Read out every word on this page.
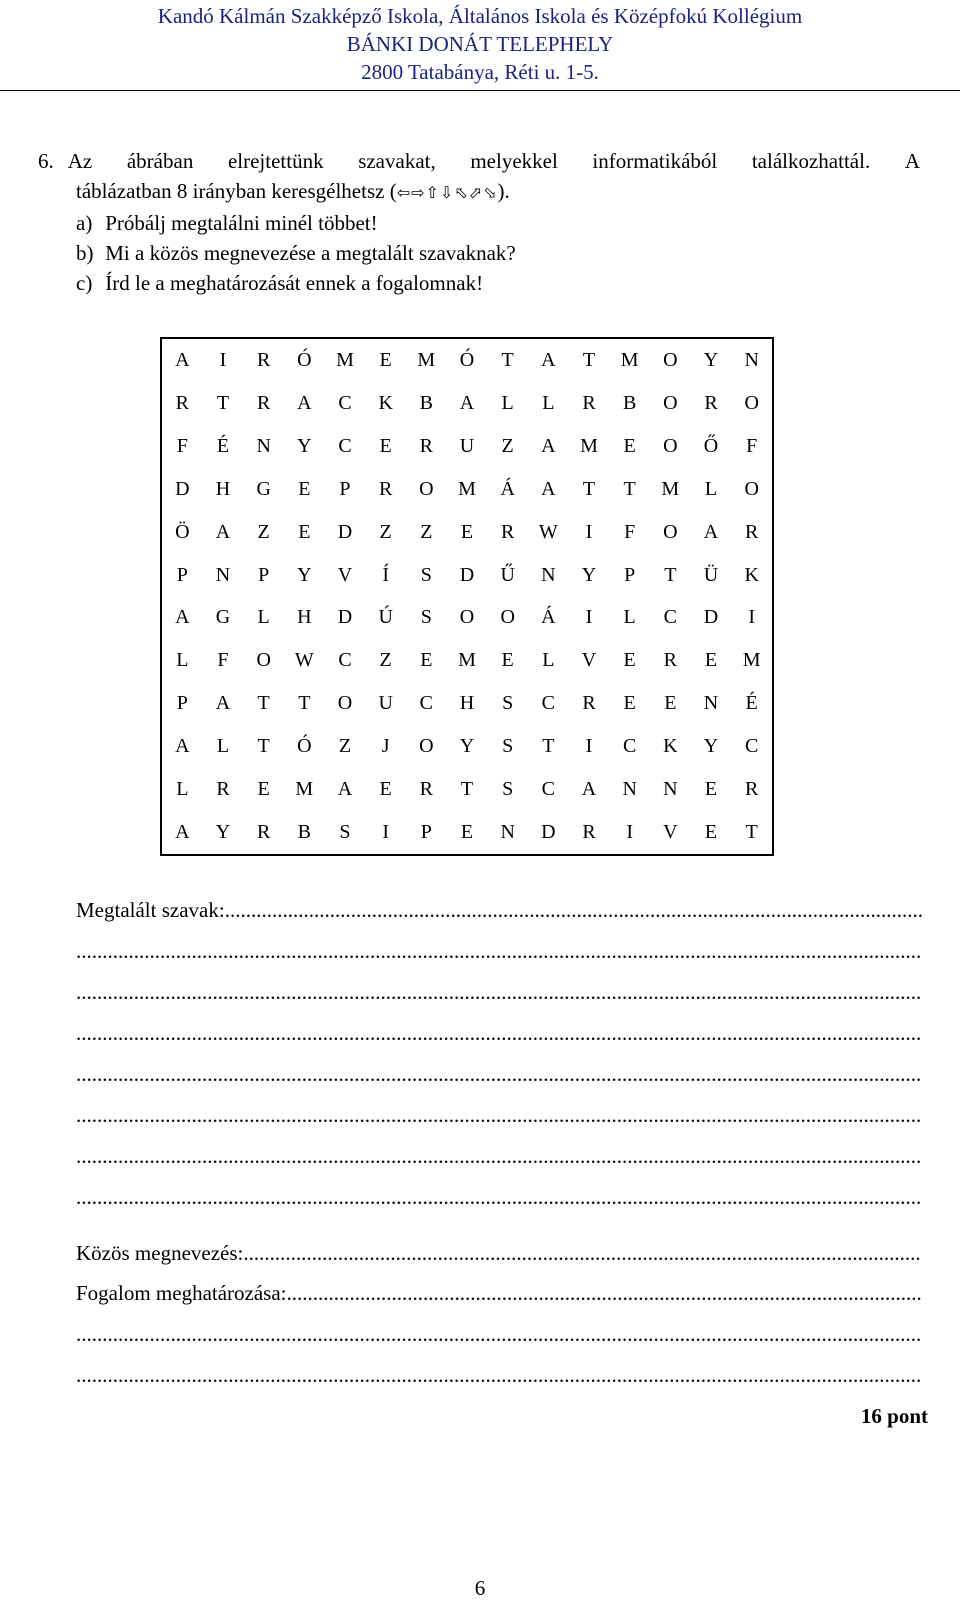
Kandó Kálmán Szakképző Iskola, Általános Iskola és Középfokú Kollégium
BÁNKI DONÁT TELEPHELY
2800 Tatabánya, Réti u. 1-5.
6. Az ábrában elrejtettünk szavakat, melyekkel informatikából találkozhattál. A
táblázatban 8 irányban keresgélhetsz (⇦⇨⇧⇩⬁⬀⬂).
a) Próbálj megtalálni minél többet!
b) Mi a közös megnevezése a megtalált szavaknak?
c) Írd le a meghatározását ennek a fogalomnak!
A	I	R	Ó	M	E	M	Ó	T	A	T	M	O	Y	N
R	T	R	A	C	K	B	A	L	L	R	B	O	R	O
F	É	N	Y	C	E	R	U	Z	A	M	E	O	Ő	F
D	H	G	E	P	R	O	M	Á	A	T	T	M	L	O
Ö	A	Z	E	D	Z	Z	E	R	W	I	F	O	A	R
P	N	P	Y	V	Í	S	D	Ű	N	Y	P	T	Ü	K
A	G	L	H	D	Ú	S	O	O	Á	I	L	C	D	I
L	F	O	W	C	Z	E	M	E	L	V	E	R	E	M
P	A	T	T	O	U	C	H	S	C	R	E	E	N	É
A	L	T	Ó	Z	J	O	Y	S	T	I	C	K	Y	C
L	R	E	M	A	E	R	T	S	C	A	N	N	E	R
A	Y	R	B	S	I	P	E	N	D	R	I	V	E	T
Megtalált szavak:
.....
.....
.....
.....
.....
.....
.....
.....
Közös megnevezés:
.....
Fogalom meghatározása:
.....
.....
.....
16 pont
6
